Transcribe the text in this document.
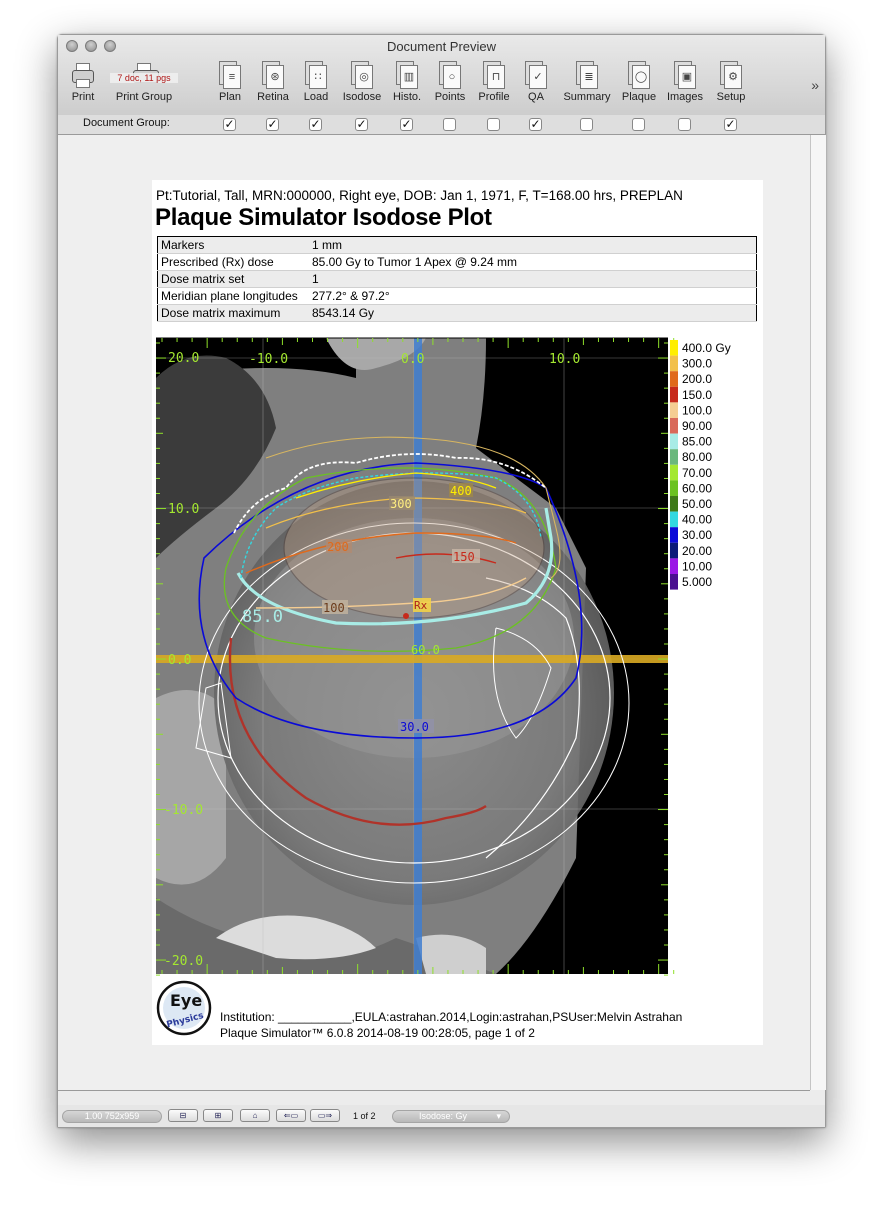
Document Preview
Print
7 doc, 11 pgs
Print Group
≡
Plan
⊛
Retina
∷
Load
◎
Isodose
▥
Histo.
○
Points
⊓
Profile
✓
QA
≣
Summary
◯
Plaque
▣
Images
⚙
Setup
»
Document Group:	✓	✓	✓	✓	✓	✓	✓
Pt:Tutorial, Tall, MRN:000000, Right eye, DOB: Jan 1, 1971, F, T=168.00 hrs, PREPLAN
Plaque Simulator Isodose Plot
Markers	1 mm
Prescribed (Rx) dose	85.00 Gy to Tumor 1 Apex @ 9.24 mm
Dose matrix set	1
Meridian plane longitudes	277.2° & 97.2°
Dose matrix maximum	8543.14 Gy
-10.0	0.0	10.0
20.0
10.0
0.0
-10.0
-20.0
400
300
200
150
100
85.0
Rx
60.0
30.0
400.0 Gy
300.0
200.0
150.0
100.0
90.00
85.00
80.00
70.00
60.00
50.00
40.00
30.00
20.00
10.00
5.000
Eye
Physics Institution: ___________,EULA:astrahan.2014,Login:astrahan,PSUser:Melvin Astrahan
Plaque Simulator™ 6.0.8 2014-08-19 00:28:05, page 1 of 2
1.00 752x959	⊟	⊞	⌂	⇐▭	▭⇒	1 of 2	Isodose: Gy	▾
